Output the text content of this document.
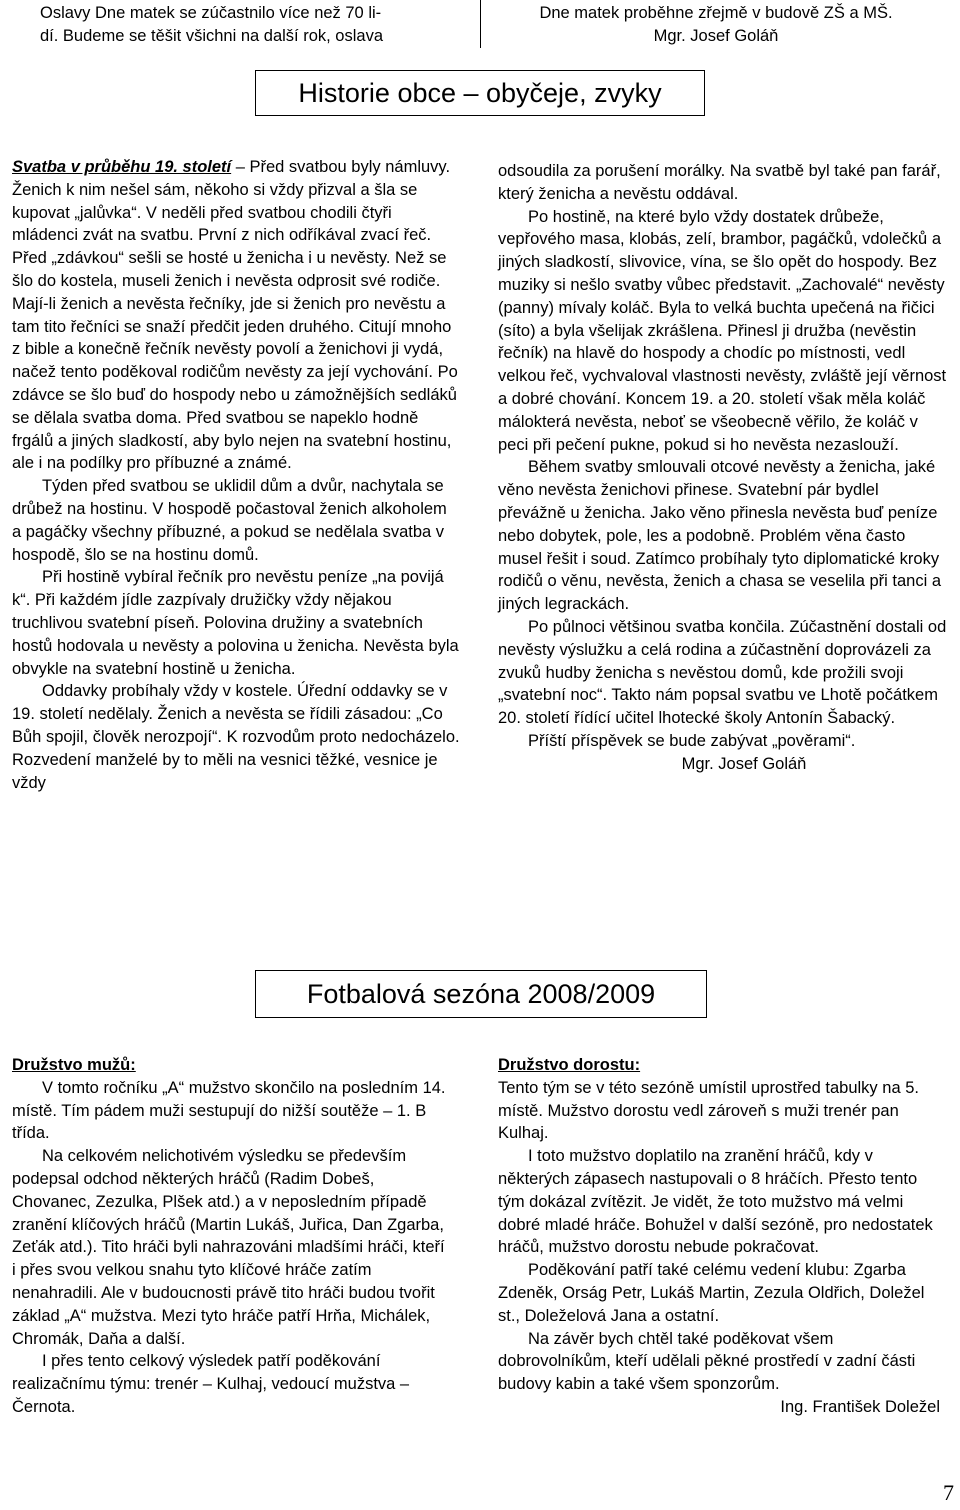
Oslavy Dne matek se zúčastnilo více než 70 li-
dí. Budeme se těšit všichni na další rok, oslava
Dne matek proběhne zřejmě v budově ZŠ a MŠ.
Mgr. Josef Goláň
Historie obce – obyčeje, zvyky

Svatba v průběhu 19. století – Před svatbou byly námluvy. Ženich k nim nešel sám, někoho si vždy přizval a šla se kupovat „jalůvka“. V neděli před svatbou chodili čtyři mládenci zvát na svatbu. První z nich odříkával zvací řeč. Před „zdávkou“ sešli se hosté u ženicha i u nevěsty. Než se šlo do kostela, museli ženich i nevěsta odprosit své rodiče. Mají-li ženich a nevěsta řečníky, jde si ženich pro nevěstu a tam tito řečníci se snaží předčit jeden druhého. Citují mnoho z bible a konečně řečník nevěsty povolí a ženichovi ji vydá, načež tento poděkoval rodičům nevěsty za její vychování. Po zdávce se šlo buď do hospody nebo u zámožnějších sedláků se dělala svatba doma. Před svatbou se napeklo hodně frgálů a jiných sladkostí, aby bylo nejen na svatební hostinu, ale i na podílky pro příbuzné a známé.

Týden před svatbou se uklidil dům a dvůr, nachytala se drůbež na hostinu. V hospodě počastoval ženich alkoholem a pagáčky všechny příbuzné, a pokud se nedělala svatba v hospodě, šlo se na hostinu domů.

Při hostině vybíral řečník pro nevěstu peníze „na povijá k“. Při každém jídle zazpívaly družičky vždy nějakou truchlivou svatební píseň. Polovina družiny a svatebních hostů hodovala u nevěsty a polovina u ženicha. Nevěsta byla obvykle na svatební hostině u ženicha.

Oddavky probíhaly vždy v kostele. Úřední oddavky se v 19. století nedělaly. Ženich a nevěsta se řídili zásadou: „Co Bůh spojil, člověk nerozpojí“. K rozvodům proto nedocházelo. Rozvedení manželé by to měli na vesnici těžké, vesnice je vždy

odsoudila za porušení morálky. Na svatbě byl také pan farář, který ženicha a nevěstu oddával.

Po hostině, na které bylo vždy dostatek drůbeže, vepřového masa, klobás, zelí, brambor, pagáčků, vdolečků a jiných sladkostí, slivovice, vína, se šlo opět do hospody. Bez muziky si nešlo svatby vůbec představit. „Zachovalé“ nevěsty (panny) mívaly koláč. Byla to velká buchta upečená na řičici (síto) a byla všelijak zkrášlena. Přinesl ji družba (nevěstin řečník) na hlavě do hospody a chodíc po místnosti, vedl velkou řeč, vychvaloval vlastnosti nevěsty, zvláště její věrnost a dobré chování. Koncem 19. a 20. století však měla koláč málokterá nevěsta, neboť se všeobecně věřilo, že koláč v peci při pečení pukne, pokud si ho nevěsta nezaslouží.

Během svatby smlouvali otcové nevěsty a ženicha, jaké věno nevěsta ženichovi přinese. Svatební pár bydlel převážně u ženicha. Jako věno přinesla nevěsta buď peníze nebo dobytek, pole, les a podobně. Problém věna často musel řešit i soud. Zatímco probíhaly tyto diplomatické kroky rodičů o věnu, nevěsta, ženich a chasa se veselila při tanci a jiných legrackách.

Po půlnoci většinou svatba končila. Zúčastnění dostali od nevěsty výslužku a celá rodina a zúčastnění doprovázeli za zvuků hudby ženicha s nevěstou domů, kde prožili svoji „svatební noc“. Takto nám popsal svatbu ve Lhotě počátkem 20. století řídící učitel lhotecké školy Antonín Šabacký.

Příští příspěvek se bude zabývat „pověrami“.

Mgr. Josef Goláň

Fotbalová sezóna 2008/2009

Družstvo mužů:

V tomto ročníku „A“ mužstvo skončilo na posledním 14. místě. Tím pádem muži sestupují do nižší soutěže – 1. B třída.

Na celkovém nelichotivém výsledku se především podepsal odchod některých hráčů (Radim Dobeš, Chovanec, Zezulka, Plšek atd.) a v neposledním případě zranění klíčových hráčů (Martin Lukáš, Juřica, Dan Zgarba, Zeťák atd.). Tito hráči byli nahrazováni mladšími hráči, kteří i přes svou velkou snahu tyto klíčové hráče zatím nenahradili. Ale v budoucnosti právě tito hráči budou tvořit základ „A“ mužstva. Mezi tyto hráče patří Hrňa, Michálek, Chromák, Daňa a další.

I přes tento celkový výsledek patří poděkování realizačnímu týmu: trenér – Kulhaj, vedoucí mužstva – Černota.

Družstvo dorostu:

Tento tým se v této sezóně umístil uprostřed tabulky na 5. místě. Mužstvo dorostu vedl zároveň s muži trenér pan Kulhaj.

I toto mužstvo doplatilo na zranění hráčů, kdy v některých zápasech nastupovali o 8 hráčích. Přesto tento tým dokázal zvítězit. Je vidět, že toto mužstvo má velmi dobré mladé hráče. Bohužel v další sezóně, pro nedostatek hráčů, mužstvo dorostu nebude pokračovat.

Poděkování patří také celému vedení klubu: Zgarba Zdeněk, Orság Petr, Lukáš Martin, Zezula Oldřich, Doležel st., Doleželová Jana a ostatní.

Na závěr bych chtěl také poděkovat všem dobrovolníkům, kteří udělali pěkné prostředí v zadní části budovy kabin a také všem sponzorům.

Ing. František Doležel

7
